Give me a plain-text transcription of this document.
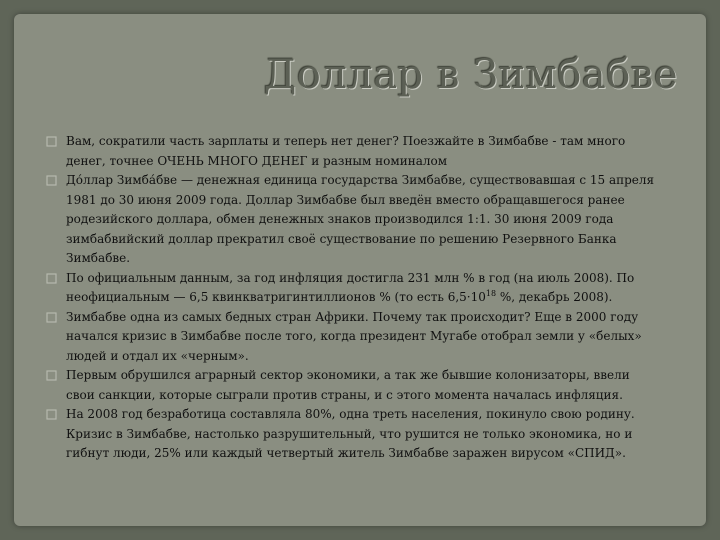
Доллар в Зимбабве
Вам, сократили часть зарплаты и теперь нет денег? Поезжайте в Зимбабве - там много денег, точнее ОЧЕНЬ МНОГО ДЕНЕГ и разным номиналом
До́ллар Зимба́бве — денежная единица государства Зимбабве, существовавшая с 15 апреля 1981 до 30 июня 2009 года. Доллар Зимбабве был введён вместо обращавшегося ранее родезийского доллара, обмен денежных знаков производился 1:1. 30 июня 2009 года зимбабвийский доллар прекратил своё существование по решению Резервного Банка Зимбабве.
По официальным данным, за год инфляция достигла 231 млн % в год (на июль 2008). По неофициальным — 6,5 квинкватригинтиллионов % (то есть $6,5\cdot 10^{18}$ %, декабрь 2008).
Зимбабве одна из самых бедных стран Африки. Почему так происходит? Еще в 2000 году начался кризис в Зимбабве после того, когда президент Мугабе отобрал земли у «белых» людей и отдал их «черным».
Первым обрушился аграрный сектор экономики, а так же бывшие колонизаторы, ввели свои санкции, которые сыграли против страны, и с этого момента началась инфляция.
На 2008 год безработица составляла 80%, одна треть населения, покинуло свою родину. Кризис в Зимбабве, настолько разрушительный, что рушится не только экономика, но и гибнут люди, 25% или каждый четвертый житель Зимбабве заражен вирусом «СПИД».
